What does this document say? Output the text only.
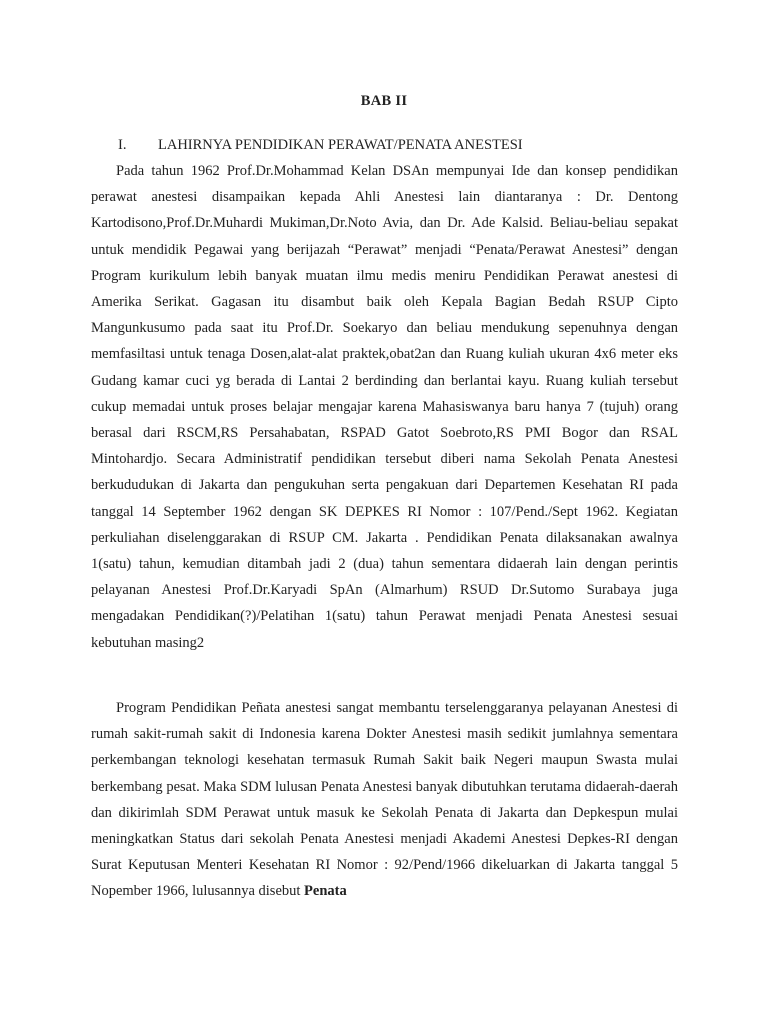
BAB II
I. LAHIRNYA PENDIDIKAN PERAWAT/PENATA ANESTESI

Pada tahun 1962 Prof.Dr.Mohammad Kelan DSAn mempunyai Ide dan konsep pendidikan perawat anestesi disampaikan kepada Ahli Anestesi lain diantaranya : Dr. Dentong Kartodisono,Prof.Dr.Muhardi Mukiman,Dr.Noto Avia, dan Dr. Ade Kalsid. Beliau-beliau sepakat untuk mendidik Pegawai yang berijazah “Perawat” menjadi “Penata/Perawat Anestesi” dengan Program kurikulum lebih banyak muatan ilmu medis meniru Pendidikan Perawat anestesi di Amerika Serikat. Gagasan itu disambut baik oleh Kepala Bagian Bedah RSUP Cipto Mangunkusumo pada saat itu Prof.Dr. Soekaryo dan beliau mendukung sepenuhnya dengan memfasiltasi untuk tenaga Dosen,alat-alat praktek,obat2an dan Ruang kuliah ukuran 4x6 meter eks Gudang kamar cuci yg berada di Lantai 2 berdinding dan berlantai kayu. Ruang kuliah tersebut cukup memadai untuk proses belajar mengajar karena Mahasiswanya baru hanya 7 (tujuh) orang berasal dari RSCM,RS Persahabatan, RSPAD Gatot Soebroto,RS PMI Bogor dan RSAL Mintohardjo. Secara Administratif pendidikan tersebut diberi nama Sekolah Penata Anestesi berkududukan di Jakarta dan pengukuhan serta pengakuan dari Departemen Kesehatan RI pada tanggal 14 September 1962 dengan SK DEPKES RI Nomor : 107/Pend./Sept 1962. Kegiatan perkuliahan diselenggarakan di RSUP CM. Jakarta . Pendidikan Penata dilaksanakan awalnya 1(satu) tahun, kemudian ditambah jadi 2 (dua) tahun sementara didaerah lain dengan perintis pelayanan Anestesi Prof.Dr.Karyadi SpAn (Almarhum) RSUD Dr.Sutomo Surabaya juga mengadakan Pendidikan(?)/Pelatihan 1(satu) tahun Perawat menjadi Penata Anestesi sesuai kebutuhan masing2

Program Pendidikan Peñata anestesi sangat membantu terselenggaranya pelayanan Anestesi di rumah sakit-rumah sakit di Indonesia karena Dokter Anestesi masih sedikit jumlahnya sementara perkembangan teknologi kesehatan termasuk Rumah Sakit baik Negeri maupun Swasta mulai berkembang pesat. Maka SDM lulusan Penata Anestesi banyak dibutuhkan terutama didaerah-daerah dan dikirimlah SDM Perawat untuk masuk ke Sekolah Penata di Jakarta dan Depkespun mulai meningkatkan Status dari sekolah Penata Anestesi menjadi Akademi Anestesi Depkes-RI dengan Surat Keputusan Menteri Kesehatan RI Nomor : 92/Pend/1966 dikeluarkan di Jakarta tanggal 5 Nopember 1966, lulusannya disebut Penata
